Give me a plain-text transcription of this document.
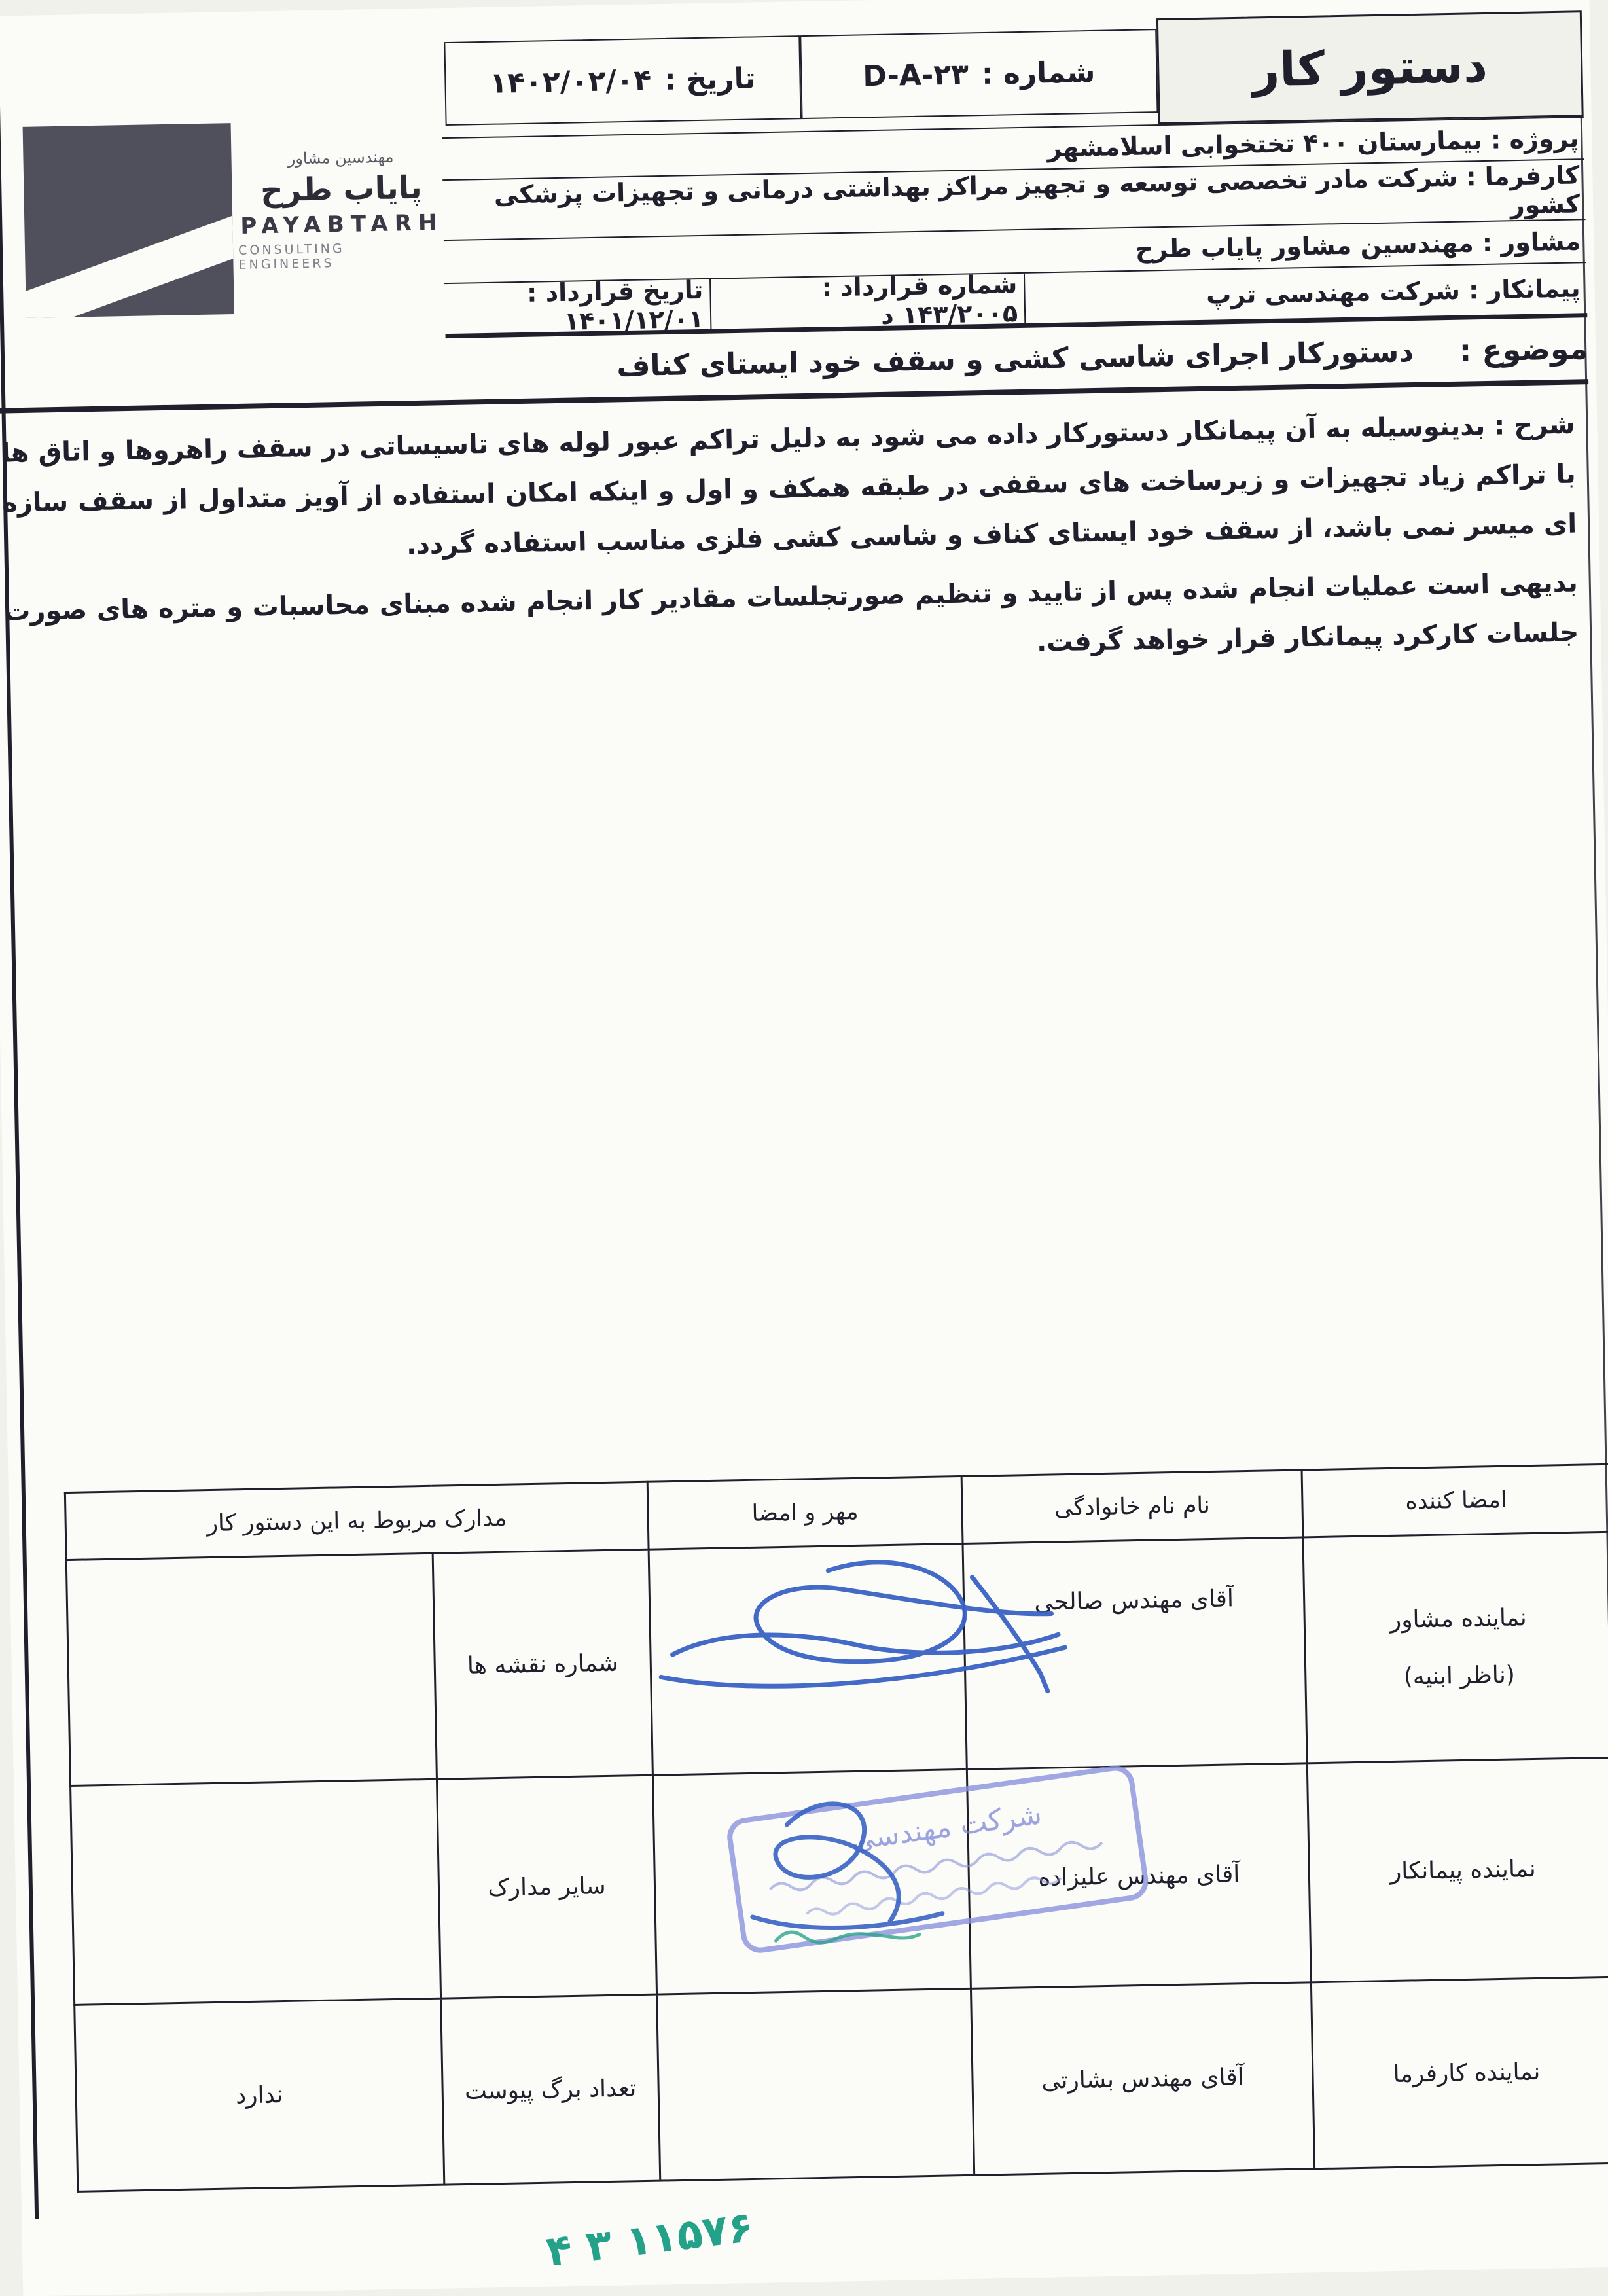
دستور کار
شماره :
D-A-۲۳
تاریخ :
۱۴۰۲/۰۲/۰۴
مهندسین مشاور
پایاب طرح
PAYABTARH
CONSULTING ENGINEERS
پروژه : بیمارستان ۴۰۰ تختخوابی اسلامشهر
کارفرما : شرکت مادر تخصصی توسعه و تجهیز مراکز بهداشتی درمانی و تجهیزات پزشکی کشور
مشاور : مهندسین مشاور پایاب طرح
پیمانکار : شرکت مهندسی ترپ
شماره قرارداد : ۱۴۳/۲۰۰۵ د
تاریخ قرارداد : ۱۴۰۱/۱۲/۰۱
موضوع :
دستورکار اجرای شاسی کشی و سقف خود ایستای کناف

شرح : بدینوسیله به آن پیمانکار دستورکار داده می شود به دلیل تراکم عبور لوله های تاسیساتی در سقف راهروها و اتاق ها با تراکم زیاد تجهیزات و زیرساخت های سقفی در طبقه همکف و اول و اینکه امکان استفاده از آویز متداول از سقف سازه ای میسر نمی باشد، از سقف خود ایستای کناف و شاسی کشی فلزی مناسب استفاده گردد.

بدیهی است عملیات انجام شده پس از تایید و تنظیم صورتجلسات مقادیر کار انجام شده مبنای محاسبات و متره های صورت جلسات کارکرد پیمانکار قرار خواهد گرفت.

امضا کننده	نام نام خانوادگی	مهر و امضا	مدارک مربوط به این دستور کار	

نماینده مشاور
(ناظر ابنیه)	آقای مهندس صالحی		شماره نقشه ها	
نماینده پیمانکار	آقای مهندس علیزاده		سایر مدارک	
نماینده کارفرما	آقای مهندس بشارتی		تعداد برگ پیوست	ندارد
شرکت مهندسی
۱۱۵۷۶ ۳ ۴
